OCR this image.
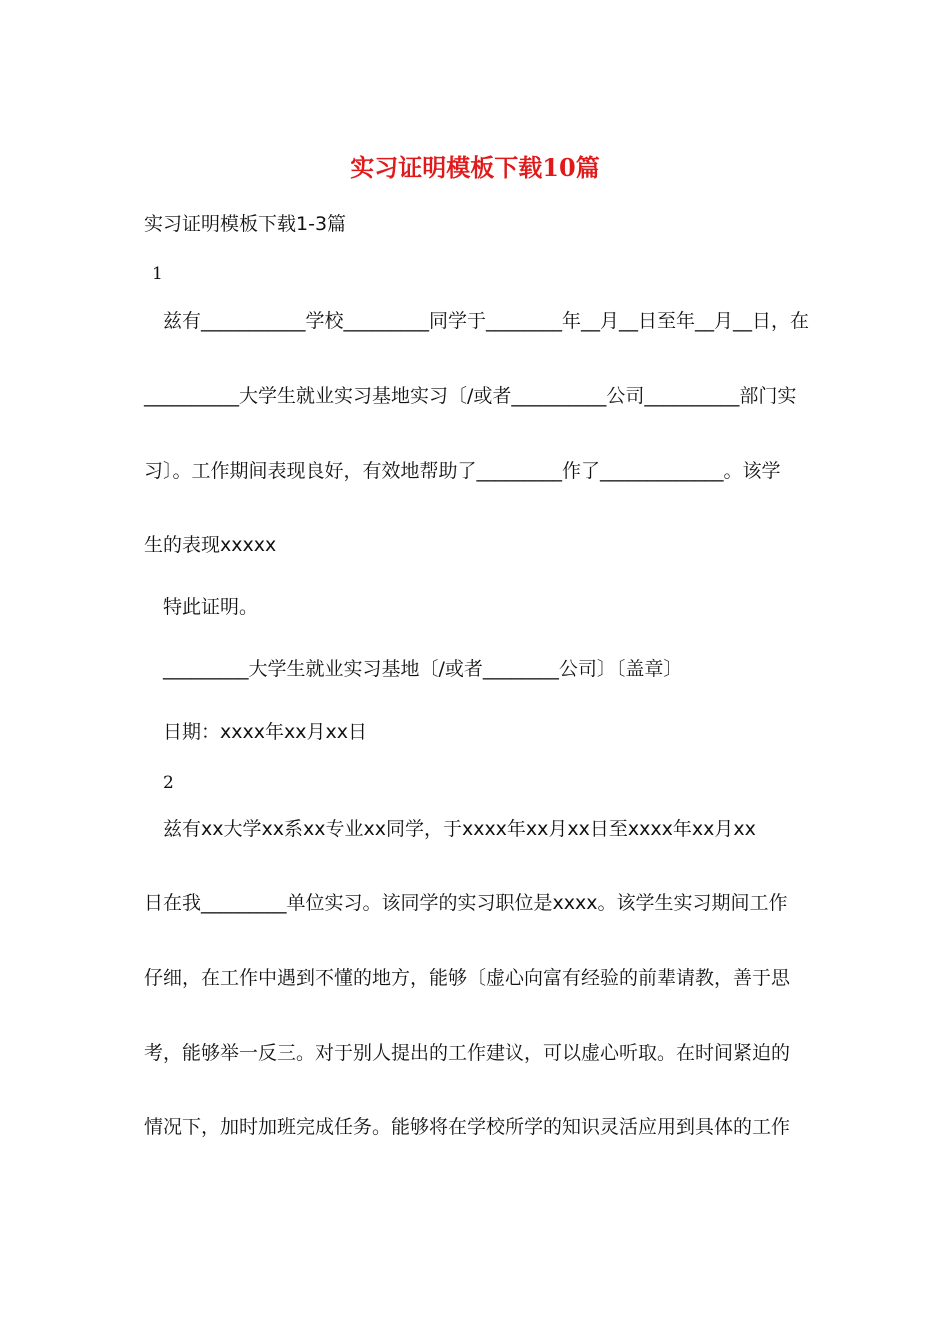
实习证明模板下载10篇
实习证明模板下载1-3篇
1
兹有___________学校_________同学于________年__月__日至年__月__日，在
__________大学生就业实习基地实习〔/或者__________公司__________部门实
习〕。工作期间表现良好，有效地帮助了_________作了_____________。该学
生的表现xxxxx
特此证明。
_________大学生就业实习基地〔/或者________公司〕〔盖章〕
日期：xxxx年xx月xx日
2
兹有xx大学xx系xx专业xx同学，于xxxx年xx月xx日至xxxx年xx月xx
日在我_________单位实习。该同学的实习职位是xxxx。该学生实习期间工作
仔细，在工作中遇到不懂的地方，能够〔虚心向富有经验的前辈请教，善于思
考，能够举一反三。对于别人提出的工作建议，可以虚心听取。在时间紧迫的
情况下，加时加班完成任务。能够将在学校所学的知识灵活应用到具体的工作
